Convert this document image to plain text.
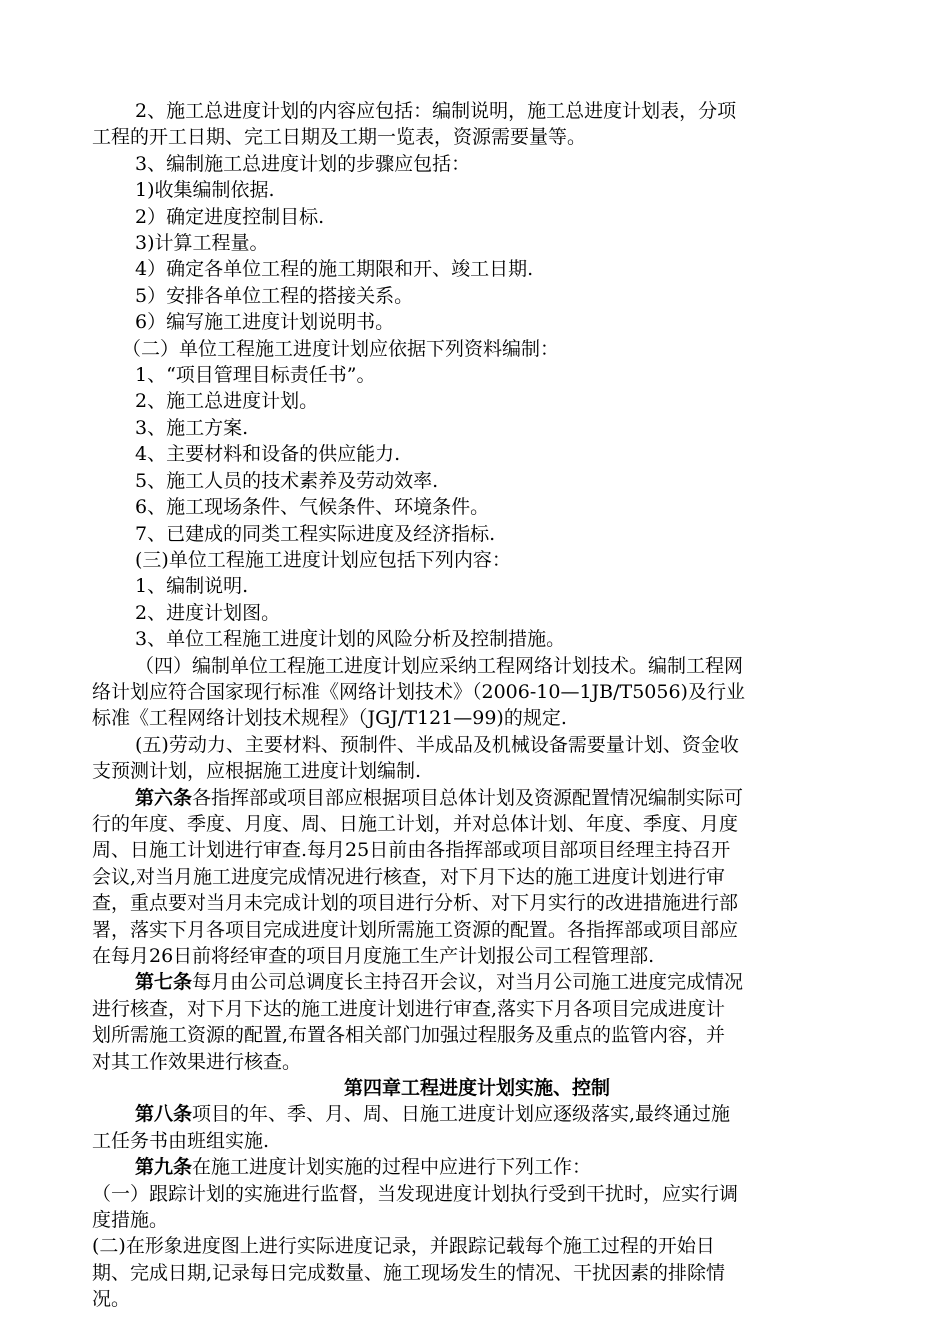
2、施工总进度计划的内容应包括：编制说明，施工总进度计划表，分项

工程的开工日期、完工日期及工期一览表，资源需要量等。

3、编制施工总进度计划的步骤应包括：

1)收集编制依据.

2）确定进度控制目标.

3)计算工程量。

4）确定各单位工程的施工期限和开、竣工日期.

5）安排各单位工程的搭接关系。

6）编写施工进度计划说明书。

（二）单位工程施工进度计划应依据下列资料编制：

1、“项目管理目标责任书”。

2、施工总进度计划。

3、施工方案.

4、主要材料和设备的供应能力.

5、施工人员的技术素养及劳动效率.

6、施工现场条件、气候条件、环境条件。

7、已建成的同类工程实际进度及经济指标.

(三)单位工程施工进度计划应包括下列内容：

1、编制说明.

2、进度计划图。

3、单位工程施工进度计划的风险分析及控制措施。

（四）编制单位工程施工进度计划应采纳工程网络计划技术。编制工程网

络计划应符合国家现行标准《网络计划技术》（2006-10—1JB/T5056)及行业

标准《工程网络计划技术规程》（JGJ/T121—99)的规定.

(五)劳动力、主要材料、预制件、半成品及机械设备需要量计划、资金收

支预测计划，应根据施工进度计划编制.

第六条各指挥部或项目部应根据项目总体计划及资源配置情况编制实际可

行的年度、季度、月度、周、日施工计划，并对总体计划、年度、季度、月度

周、日施工计划进行审查.每月25日前由各指挥部或项目部项目经理主持召开

会议,对当月施工进度完成情况进行核查，对下月下达的施工进度计划进行审

查，重点要对当月未完成计划的项目进行分析、对下月实行的改进措施进行部

署，落实下月各项目完成进度计划所需施工资源的配置。各指挥部或项目部应

在每月26日前将经审查的项目月度施工生产计划报公司工程管理部.

第七条每月由公司总调度长主持召开会议，对当月公司施工进度完成情况

进行核查，对下月下达的施工进度计划进行审查,落实下月各项目完成进度计

划所需施工资源的配置,布置各相关部门加强过程服务及重点的监管内容，并

对其工作效果进行核查。

第四章工程进度计划实施、控制

第八条项目的年、季、月、周、日施工进度计划应逐级落实,最终通过施

工任务书由班组实施.

第九条在施工进度计划实施的过程中应进行下列工作：

（一）跟踪计划的实施进行监督，当发现进度计划执行受到干扰时，应实行调

度措施。

(二)在形象进度图上进行实际进度记录，并跟踪记载每个施工过程的开始日

期、完成日期,记录每日完成数量、施工现场发生的情况、干扰因素的排除情

况。
